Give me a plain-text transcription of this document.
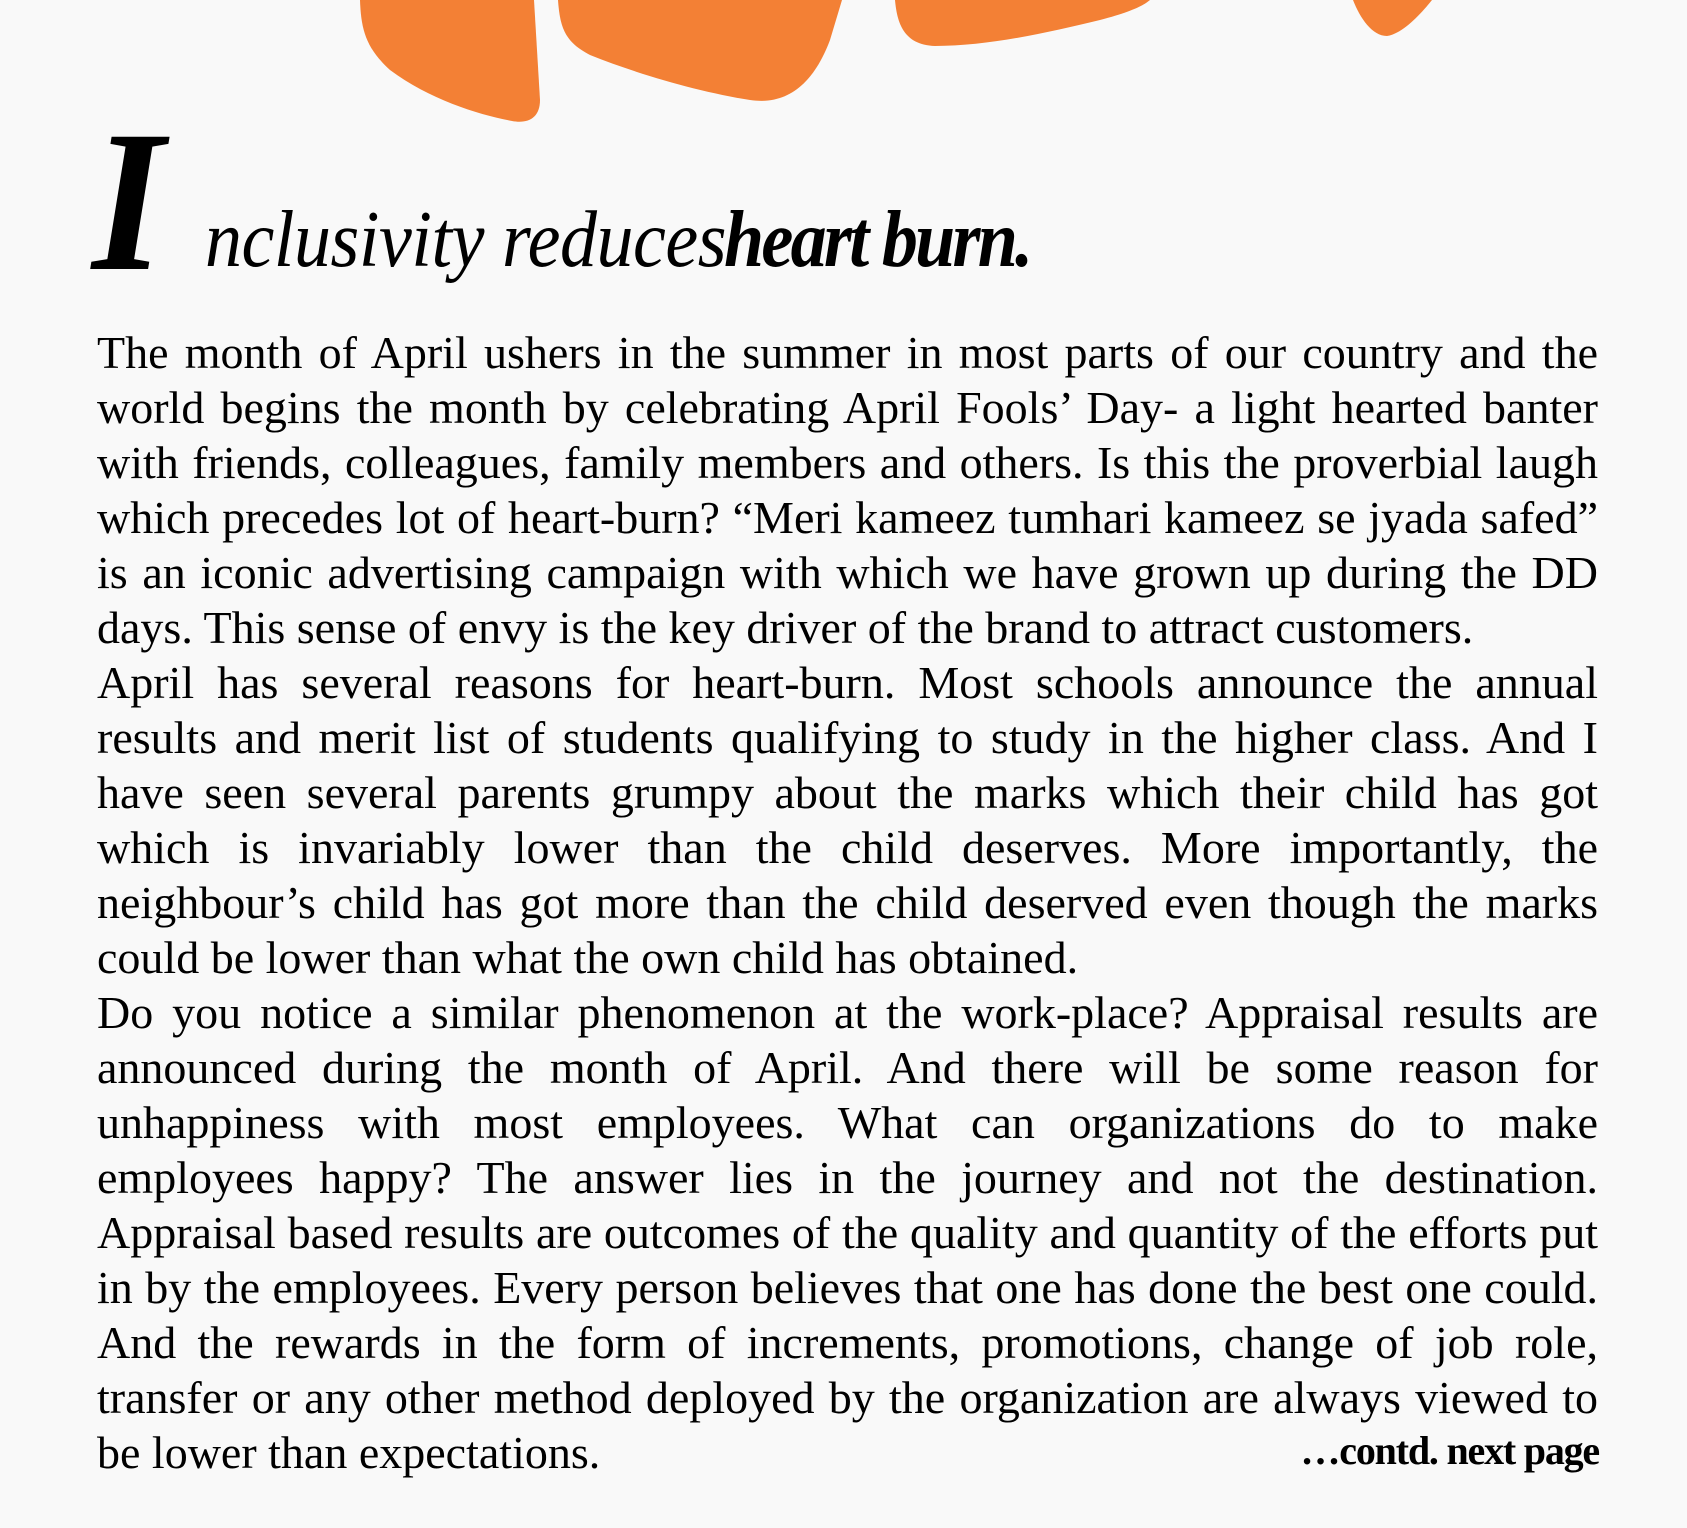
I nclusivity reduces
heart burn.

The month of April ushers in the summer in most parts of our country and the world begins the month by celebrating April Fools’ Day- a light hearted banter with friends, colleagues, family members and others. Is this the proverbial laugh which precedes lot of heart-burn? “Meri kameez tumhari kameez se jyada safed” is an iconic advertising campaign with which we have grown up during the DD days. This sense of envy is the key driver of the brand to attract customers.

April has several reasons for heart-burn. Most schools announce the annual results and merit list of students qualifying to study in the higher class. And I have seen several parents grumpy about the marks which their child has got which is invariably lower than the child deserves. More importantly, the neighbour’s child has got more than the child deserved even though the marks could be lower than what the own child has obtained.

Do you notice a similar phenomenon at the work-place? Appraisal results are announced during the month of April. And there will be some reason for unhappiness with most employees. What can organizations do to make employees happy? The answer lies in the journey and not the destination. Appraisal based results are outcomes of the quality and quantity of the efforts put in by the employees. Every person believes that one has done the best one could. And the rewards in the form of increments, promotions, change of job role, transfer or any other method deployed by the organization are always viewed to be lower than expectations.	…contd. next page
